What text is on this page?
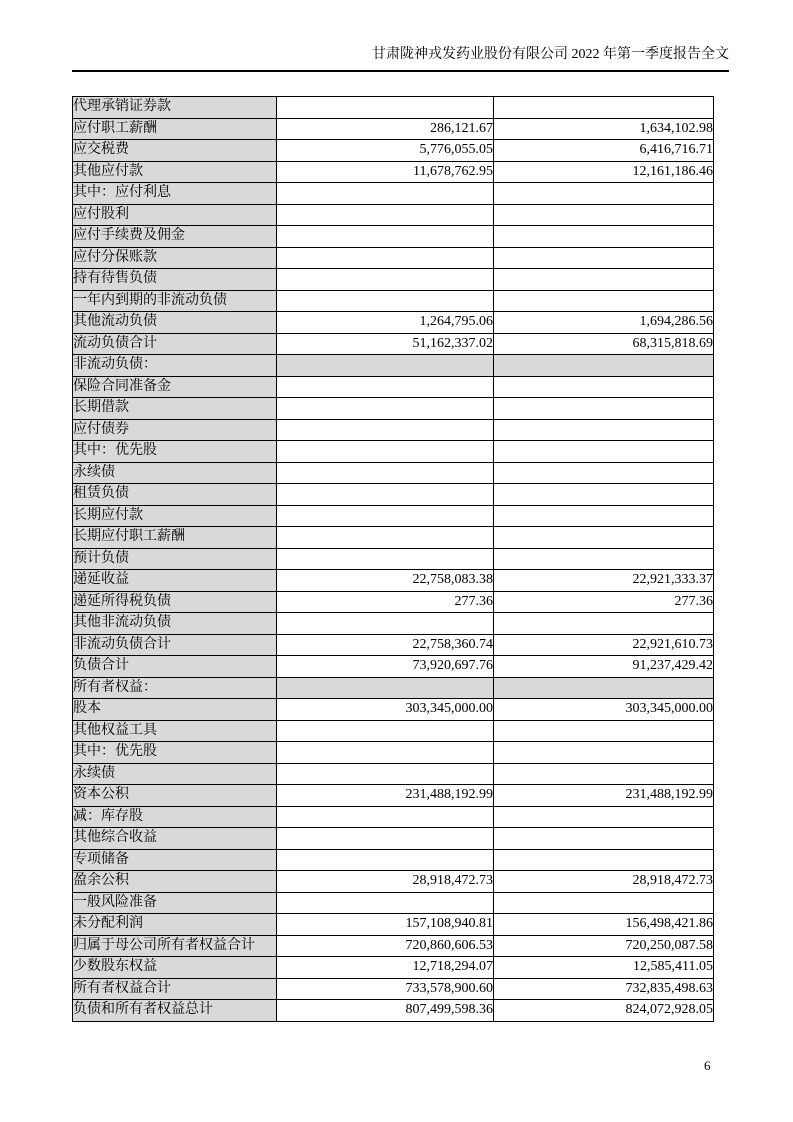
甘肃陇神戎发药业股份有限公司 2022 年第一季度报告全文
代理承销证券款		
应付职工薪酬	286,121.67	1,634,102.98
应交税费	5,776,055.05	6,416,716.71
其他应付款	11,678,762.95	12,161,186.46
其中：应付利息		
应付股利		
应付手续费及佣金		
应付分保账款		
持有待售负债		
一年内到期的非流动负债		
其他流动负债	1,264,795.06	1,694,286.56
流动负债合计	51,162,337.02	68,315,818.69
非流动负债：		
保险合同准备金		
长期借款		
应付债券		
其中：优先股		
永续债		
租赁负债		
长期应付款		
长期应付职工薪酬		
预计负债		
递延收益	22,758,083.38	22,921,333.37
递延所得税负债	277.36	277.36
其他非流动负债		
非流动负债合计	22,758,360.74	22,921,610.73
负债合计	73,920,697.76	91,237,429.42
所有者权益：		
股本	303,345,000.00	303,345,000.00
其他权益工具		
其中：优先股		
永续债		
资本公积	231,488,192.99	231,488,192.99
减：库存股		
其他综合收益		
专项储备		
盈余公积	28,918,472.73	28,918,472.73
一般风险准备		
未分配利润	157,108,940.81	156,498,421.86
归属于母公司所有者权益合计	720,860,606.53	720,250,087.58
少数股东权益	12,718,294.07	12,585,411.05
所有者权益合计	733,578,900.60	732,835,498.63
负债和所有者权益总计	807,499,598.36	824,072,928.05
6
